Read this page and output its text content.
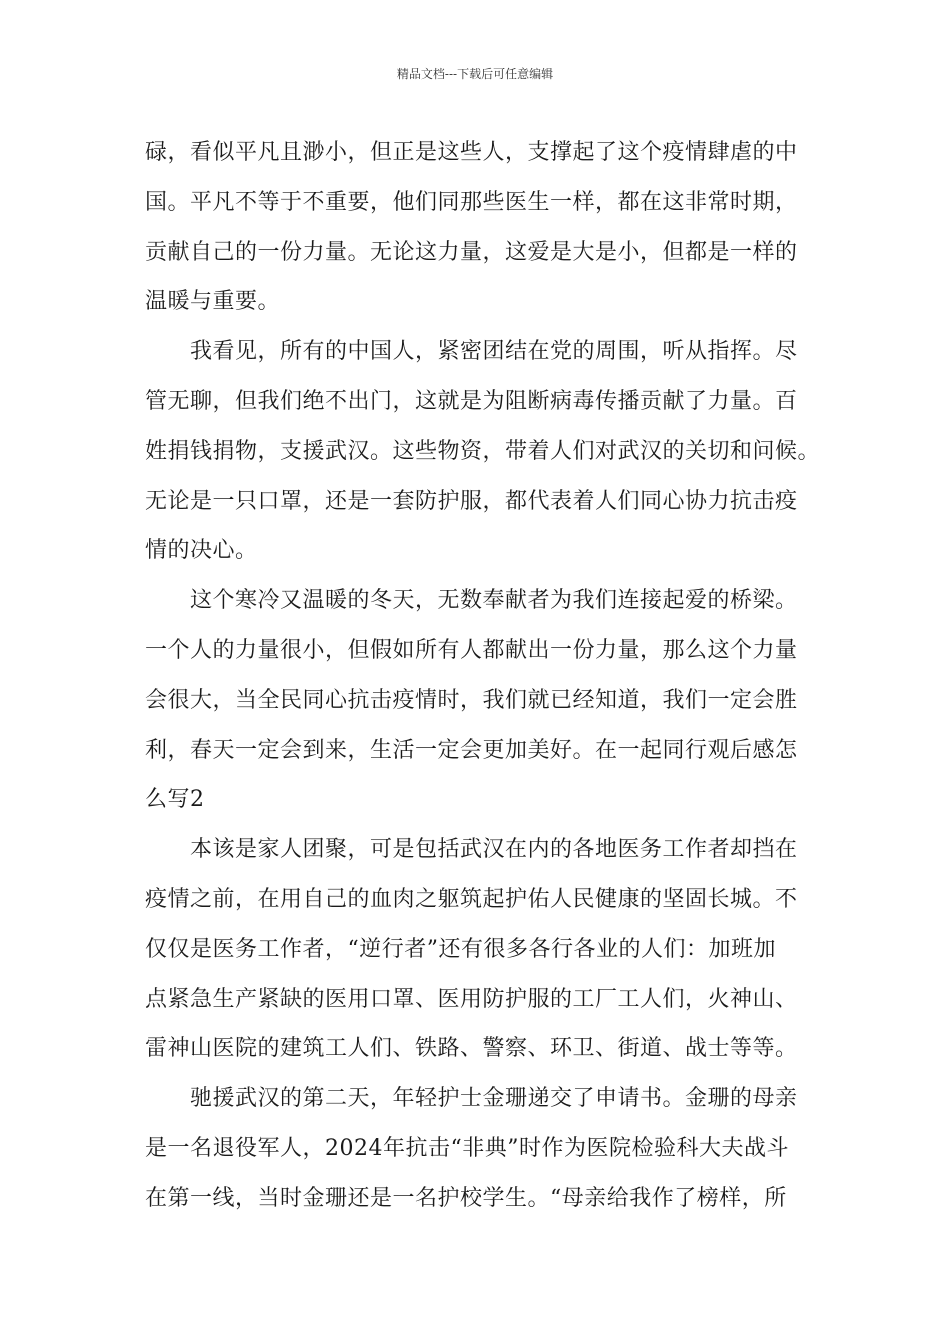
精品文档---下载后可任意编辑
碌，看似平凡且渺小，但正是这些人，支撑起了这个疫情肆虐的中
国。平凡不等于不重要，他们同那些医生一样，都在这非常时期，
贡献自己的一份力量。无论这力量，这爱是大是小，但都是一样的
温暖与重要。
我看见，所有的中国人，紧密团结在党的周围，听从指挥。尽
管无聊，但我们绝不出门，这就是为阻断病毒传播贡献了力量。百
姓捐钱捐物，支援武汉。这些物资，带着人们对武汉的关切和问候。
无论是一只口罩，还是一套防护服，都代表着人们同心协力抗击疫
情的决心。
这个寒冷又温暖的冬天，无数奉献者为我们连接起爱的桥梁。
一个人的力量很小，但假如所有人都献出一份力量，那么这个力量
会很大，当全民同心抗击疫情时，我们就已经知道，我们一定会胜
利，春天一定会到来，生活一定会更加美好。在一起同行观后感怎
么写2
本该是家人团聚，可是包括武汉在内的各地医务工作者却挡在
疫情之前，在用自己的血肉之躯筑起护佑人民健康的坚固长城。不
仅仅是医务工作者，“逆行者”还有很多各行各业的人们：加班加
点紧急生产紧缺的医用口罩、医用防护服的工厂工人们，火神山、
雷神山医院的建筑工人们、铁路、警察、环卫、街道、战士等等。
驰援武汉的第二天，年轻护士金珊递交了申请书。金珊的母亲
是一名退役军人，2024年抗击“非典”时作为医院检验科大夫战斗
在第一线，当时金珊还是一名护校学生。“母亲给我作了榜样，所
